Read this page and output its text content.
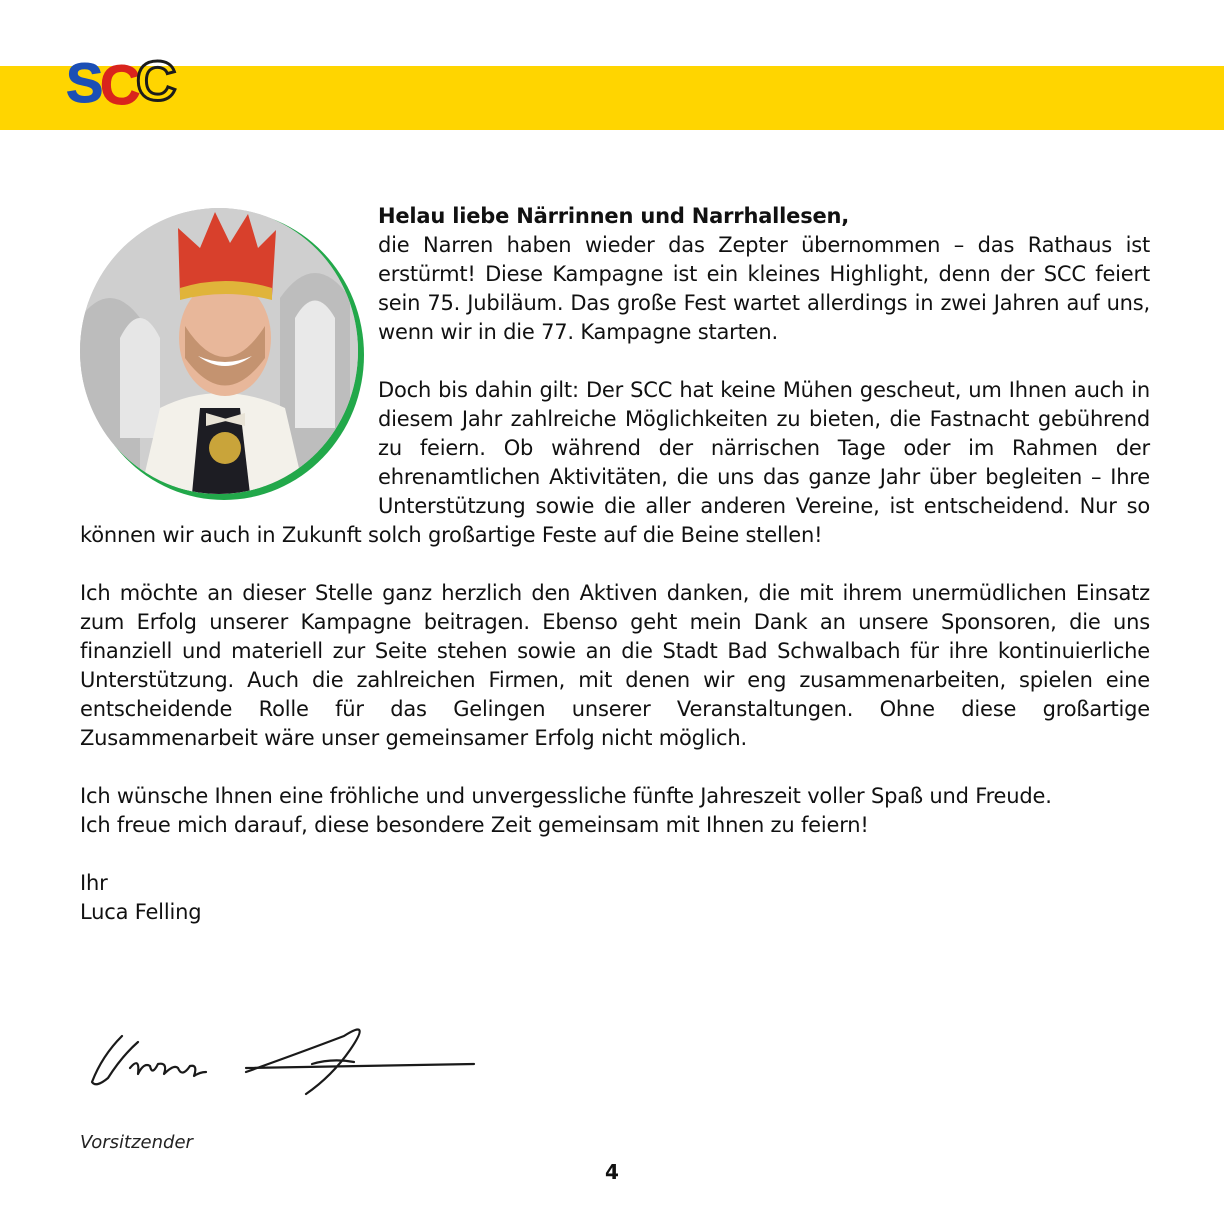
S
C
C

Helau liebe Närrinnen und Narrhallesen,

die Narren haben wieder das Zepter übernommen – das Rathaus ist erstürmt! Diese Kampagne ist ein kleines Highlight, denn der SCC feiert sein 75. Jubiläum. Das große Fest wartet allerdings in zwei Jahren auf uns, wenn wir in die 77. Kampagne starten.

Doch bis dahin gilt: Der SCC hat keine Mühen gescheut, um Ihnen auch in diesem Jahr zahlreiche Möglichkeiten zu bieten, die Fastnacht gebührend zu feiern. Ob während der närrischen Tage oder im Rahmen der ehrenamtlichen Aktivitäten, die uns das ganze Jahr über begleiten – Ihre Unterstützung sowie die aller anderen Vereine, ist entscheidend. Nur so können wir auch in Zukunft solch großartige Feste auf die Beine stellen!

Ich möchte an dieser Stelle ganz herzlich den Aktiven danken, die mit ihrem unermüdlichen Einsatz zum Erfolg unserer Kampagne beitragen. Ebenso geht mein Dank an unsere Sponsoren, die uns finanziell und materiell zur Seite stehen sowie an die Stadt Bad Schwalbach für ihre kontinuierliche Unterstützung. Auch die zahlreichen Firmen, mit denen wir eng zusammenarbeiten, spielen eine entscheidende Rolle für das Gelingen unserer Veranstaltungen. Ohne diese großartige Zusammenarbeit wäre unser gemeinsamer Erfolg nicht möglich.

Ich wünsche Ihnen eine fröhliche und unvergessliche fünfte Jahreszeit voller Spaß und Freude.

Ich freue mich darauf, diese besondere Zeit gemeinsam mit Ihnen zu feiern!

Ihr

Luca Felling

Vorsitzender
4
